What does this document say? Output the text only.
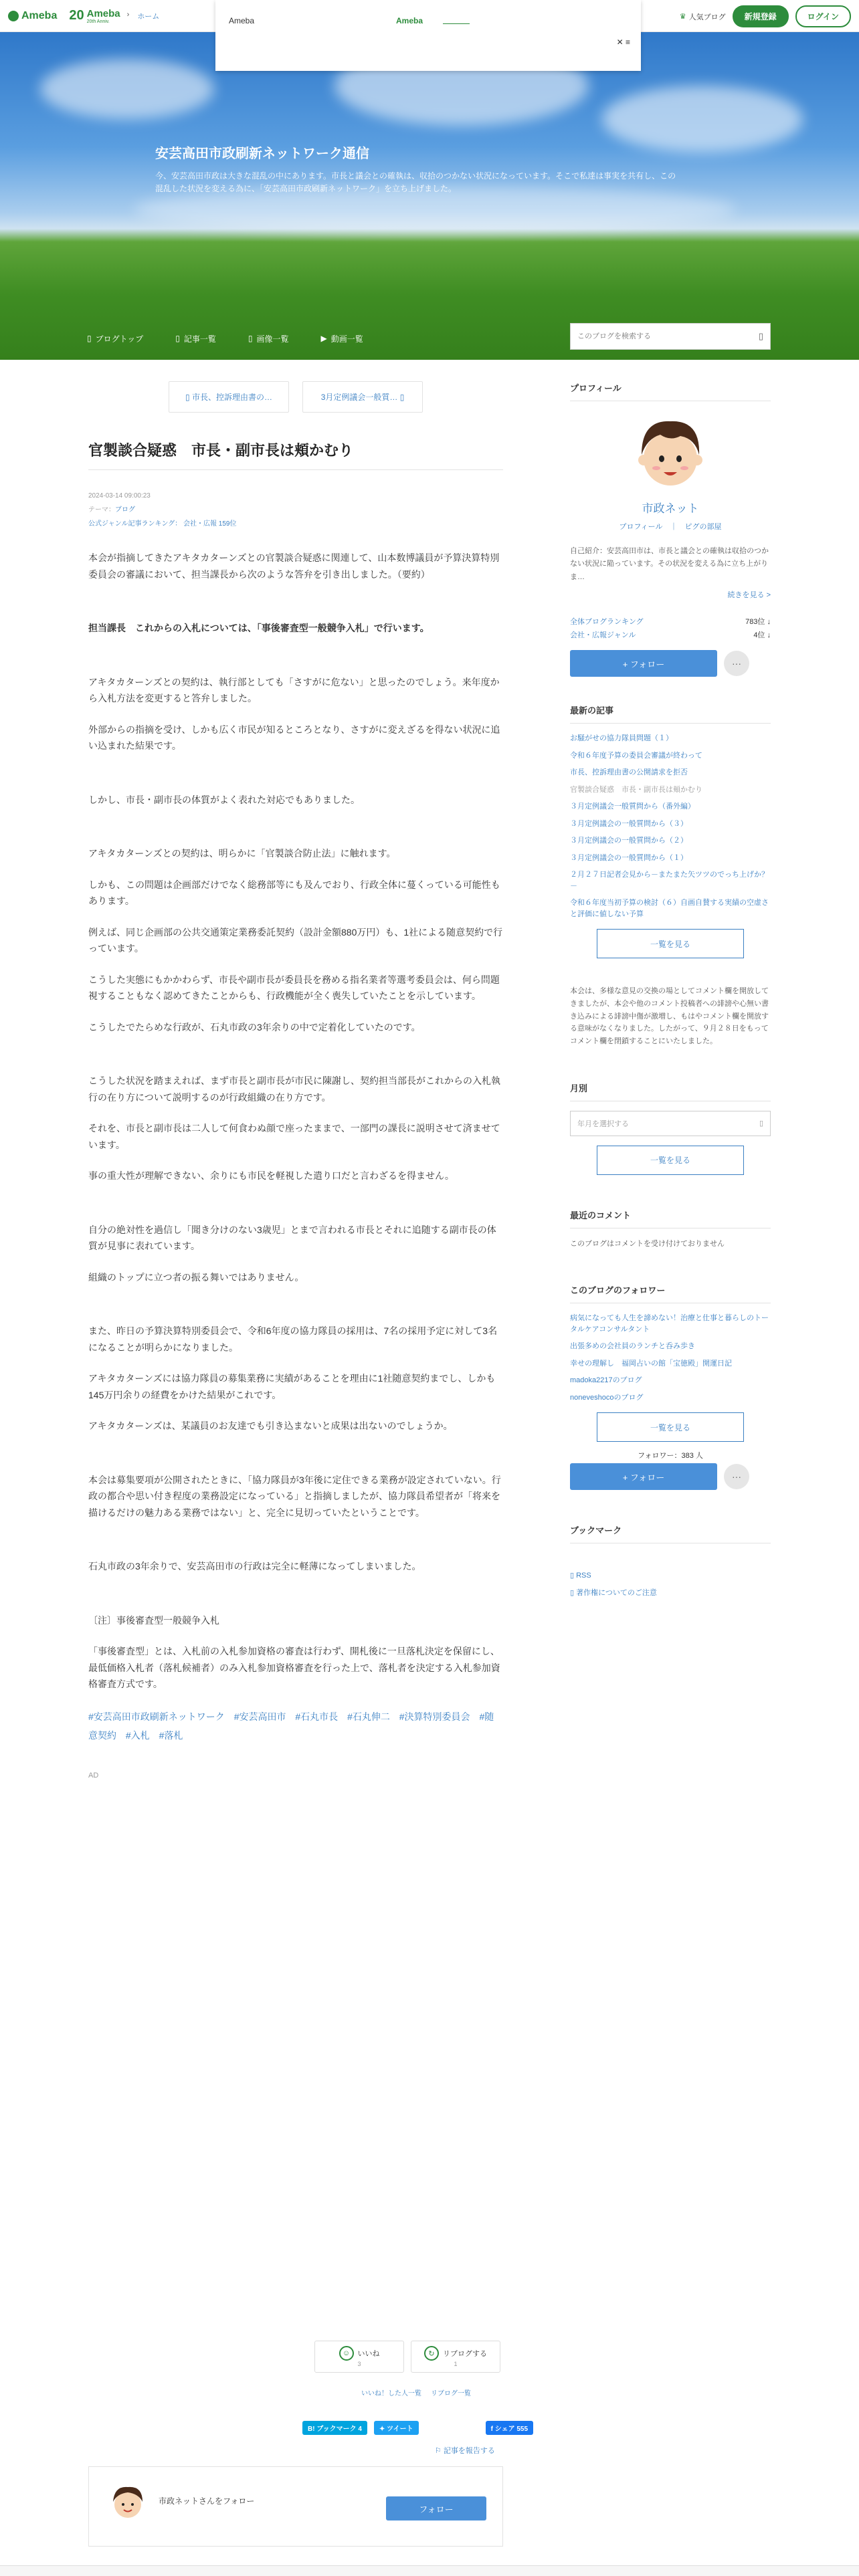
Ameba 20 Ameba
20th Anniv.
› ホーム	♛ 人気ブログ	新規登録	ログイン
安芸高田市政刷新ネットワーク通信
今、安芸高田市政は大きな混乱の中にあります。市長と議会との確執は、収拾のつかない状況になっています。そこで私達は事実を共有し、この混乱した状況を変える為に、「安芸高田市政刷新ネットワーク」を立ち上げました。
▯ ブログトップ	▯ 記事一覧	▯ 画像一覧	▶ 動画一覧
このブログを検索する	▯
Ameba	Ameba
✕ ≡
▯ 市長、控訴理由書の…	3月定例議会一般質… ▯
官製談合疑惑　市長・副市長は頬かむり
2024-03-14 09:00:23
テーマ：ブログ
公式ジャンル記事ランキング： 会社・広報 159位

本会が指摘してきたアキタカターンズとの官製談合疑惑に関連して、山本数博議員が予算決算特別委員会の審議において、担当課長から次のような答弁を引き出しました。（要約）

担当課長　これからの入札については、「事後審査型一般競争入札」で行います。

アキタカターンズとの契約は、執行部としても「さすがに危ない」と思ったのでしょう。来年度から入札方法を変更すると答弁しました。

外部からの指摘を受け、しかも広く市民が知るところとなり、さすがに変えざるを得ない状況に追い込まれた結果です。

しかし、市長・副市長の体質がよく表れた対応でもありました。

アキタカターンズとの契約は、明らかに「官製談合防止法」に触れます。

しかも、この問題は企画部だけでなく総務部等にも及んでおり、行政全体に蔓くっている可能性もあります。

例えば、同じ企画部の公共交通策定業務委託契約（設計金額880万円）も、1社による随意契約で行っています。

こうした実態にもかかわらず、市長や副市長が委員長を務める指名業者等選考委員会は、何ら問題視することもなく認めてきたことからも、行政機能が全く喪失していたことを示しています。

こうしたでたらめな行政が、石丸市政の3年余りの中で定着化していたのです。

こうした状況を踏まえれば、まず市長と副市長が市民に陳謝し、契約担当部長がこれからの入札執行の在り方について説明するのが行政組織の在り方です。

それを、市長と副市長は二人して何食わぬ顔で座ったままで、一部門の課長に説明させて済ませています。

事の重大性が理解できない、余りにも市民を軽視した遣り口だと言わざるを得ません。

自分の絶対性を過信し「聞き分けのない3歳児」とまで言われる市長とそれに追随する副市長の体質が見事に表れています。

組織のトップに立つ者の振る舞いではありません。

また、昨日の予算決算特別委員会で、令和6年度の協力隊員の採用は、7名の採用予定に対して3名になることが明らかになりました。

アキタカターンズには協力隊員の募集業務に実績があることを理由に1社随意契約までし、しかも145万円余りの経費をかけた結果がこれです。

アキタカターンズは、某議員のお友達でも引き込まないと成果は出ないのでしょうか。

本会は募集要項が公開されたときに、「協力隊員が3年後に定住できる業務が設定されていない。行政の都合や思い付き程度の業務設定になっている」と指摘しましたが、協力隊員希望者が「将来を描けるだけの魅力ある業務ではない」と、完全に見切っていたということです。

石丸市政の3年余りで、安芸高田市の行政は完全に軽薄になってしまいました。

〔注〕事後審査型一般競争入札

「事後審査型」とは、入札前の入札参加資格の審査は行わず、開札後に一旦落札決定を保留にし、最低価格入札者（落札候補者）のみ入札参加資格審査を行った上で、落札者を決定する入札参加資格審査方式です。

#安芸高田市政刷新ネットワーク #安芸高田市 #石丸市長 #石丸伸二 #決算特別委員会 #随意契約 #入札 #落札
AD
☺	いいね
3
↻	リブログする
1
いいね！した人一覧 リブログ一覧
B! ブックマーク 4	✦ ツイート	f シェア 555
⚐ 記事を報告する
市政ネットさんをフォロー
フォロー
プロフィール
市政ネット
プロフィール　｜　ピグの部屋
自己紹介：安芸高田市は、市長と議会との確執は収拾のつかない状況に陥っています。その状況を変える為に立ち上がりま…
続きを見る >
全体ブログランキング	783位 ↓
会社・広報ジャンル	4位 ↓
+ フォロー	···
最新の記事
お騒がせの協力隊員問題（１）
令和６年度予算の委員会審議が終わって
市長、控訴理由書の公開請求を拒否
官製談合疑惑　市長・副市長は頬かむり
３月定例議会一般質問から（番外編）
３月定例議会の一般質問から（３）
３月定例議会の一般質問から（２）
３月定例議会の一般質問から（１）
２月２７日記者会見から－またまた矢ツツのでっち上げか？－
令和６年度当初予算の検討（６）自画自賛する実績の空虚さと評価に値しない予算
一覧を見る
本会は、多様な意見の交換の場としてコメント欄を開放してきましたが、本会や他のコメント投稿者への誹謗や心無い書き込みによる誹謗中傷が激増し、もはやコメント欄を開放する意味がなくなりました。したがって、９月２８日をもってコメント欄を閉鎖することにいたしました。
月別
年月を選択する	▯
一覧を見る
最近のコメント
このブログはコメントを受け付けておりません
このブログのフォロワー
病気になっても人生を諦めない！治療と仕事と暮らしのトータルケアコンサルタント
出張多めの会社員のランチと呑み歩き
幸せの理解し　福岡占いの館「宝徳殿」開運日記
madoka2217のブログ
noneveshocoのブログ
一覧を見る
フォロワー：383 人
+ フォロー	···
ブックマーク
▯ RSS
▯ 著作権についてのご注意
